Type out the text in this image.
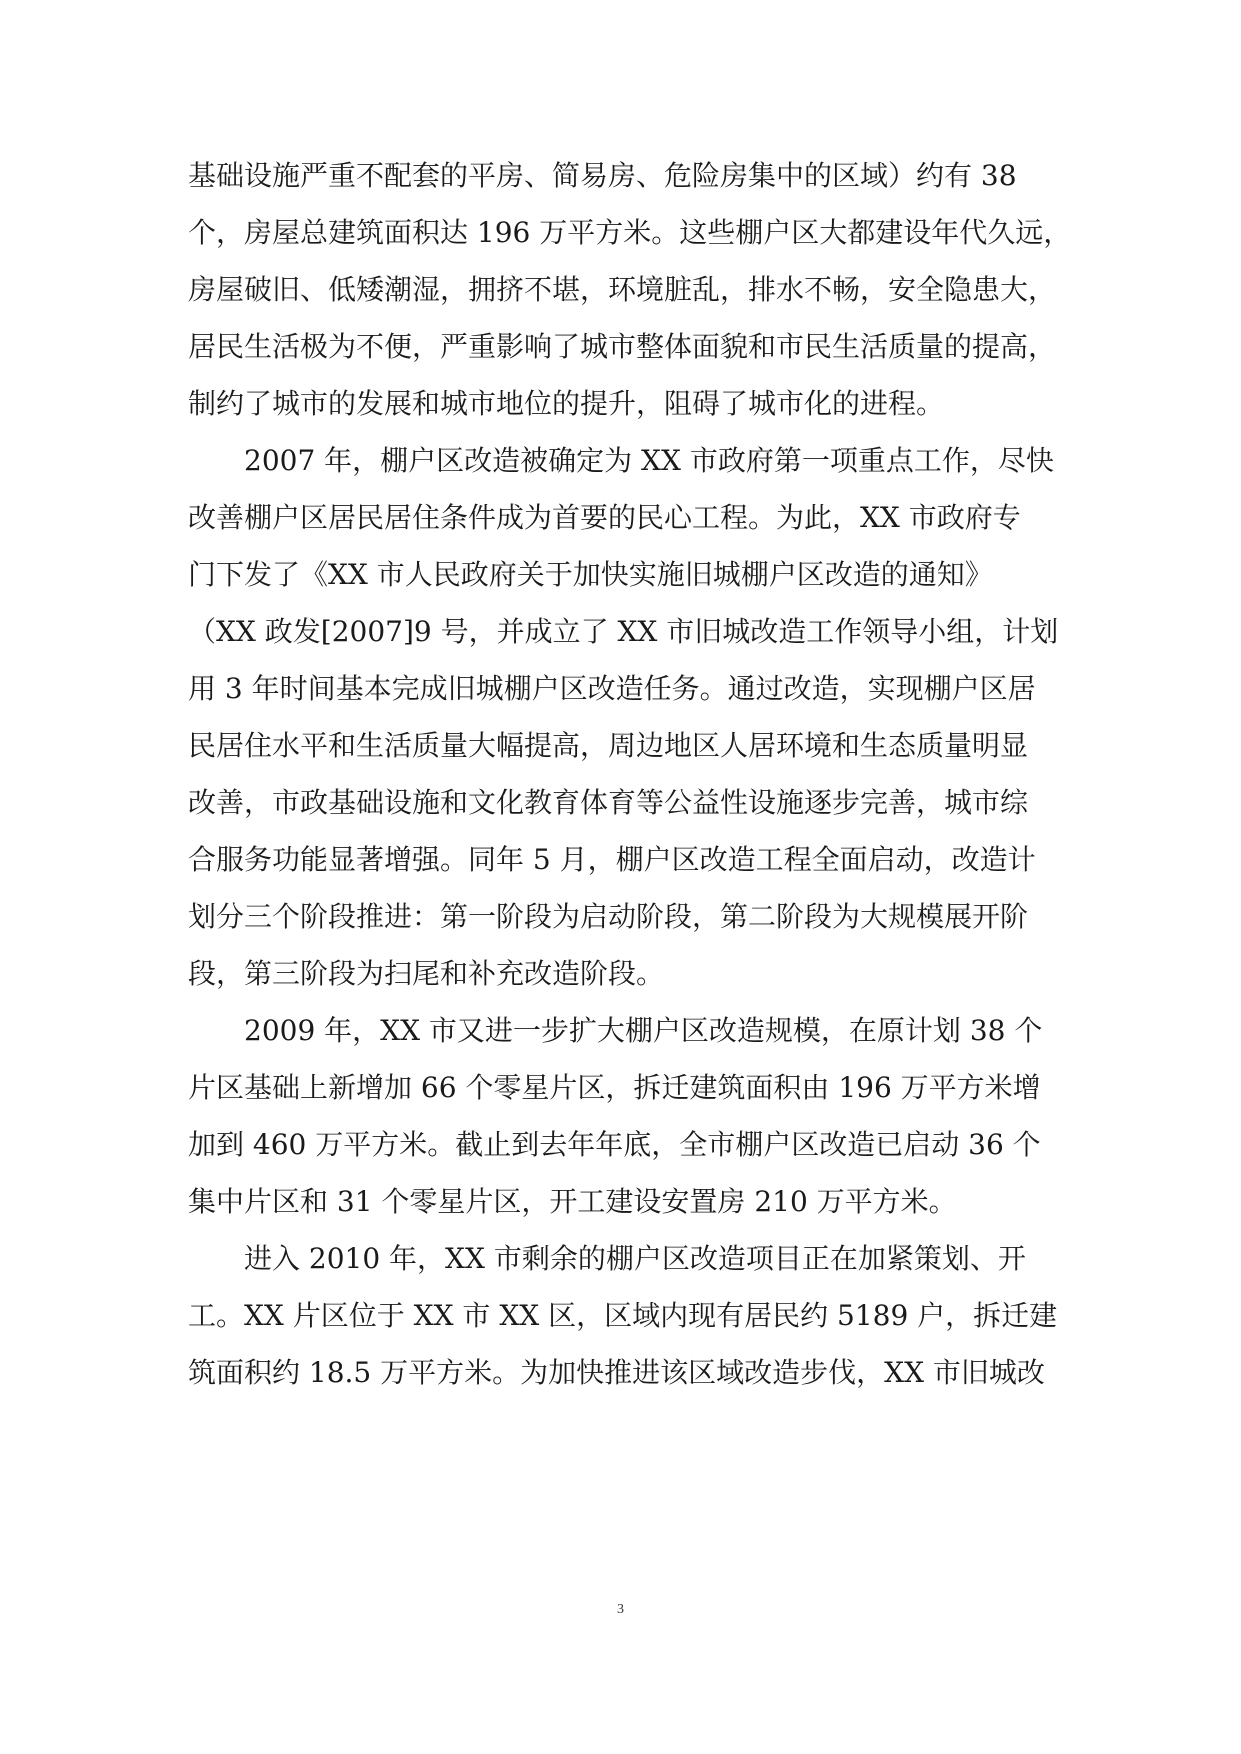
基础设施严重不配套的平房、简易房、危险房集中的区域）约有 38
个，房屋总建筑面积达 196 万平方米。这些棚户区大都建设年代久远，
房屋破旧、低矮潮湿，拥挤不堪，环境脏乱，排水不畅，安全隐患大，
居民生活极为不便，严重影响了城市整体面貌和市民生活质量的提高，
制约了城市的发展和城市地位的提升，阻碍了城市化的进程。
2007 年，棚户区改造被确定为 XX 市政府第一项重点工作，尽快
改善棚户区居民居住条件成为首要的民心工程。为此，XX 市政府专
门下发了《XX 市人民政府关于加快实施旧城棚户区改造的通知》
（XX 政发[2007]9 号，并成立了 XX 市旧城改造工作领导小组，计划
用 3 年时间基本完成旧城棚户区改造任务。通过改造，实现棚户区居
民居住水平和生活质量大幅提高，周边地区人居环境和生态质量明显
改善，市政基础设施和文化教育体育等公益性设施逐步完善，城市综
合服务功能显著增强。同年 5 月，棚户区改造工程全面启动，改造计
划分三个阶段推进：第一阶段为启动阶段，第二阶段为大规模展开阶
段，第三阶段为扫尾和补充改造阶段。
2009 年，XX 市又进一步扩大棚户区改造规模，在原计划 38 个
片区基础上新增加 66 个零星片区，拆迁建筑面积由 196 万平方米增
加到 460 万平方米。截止到去年年底，全市棚户区改造已启动 36 个
集中片区和 31 个零星片区，开工建设安置房 210 万平方米。
进入 2010 年，XX 市剩余的棚户区改造项目正在加紧策划、开
工。XX 片区位于 XX 市 XX 区，区域内现有居民约 5189 户，拆迁建
筑面积约 18.5 万平方米。为加快推进该区域改造步伐，XX 市旧城改
3
